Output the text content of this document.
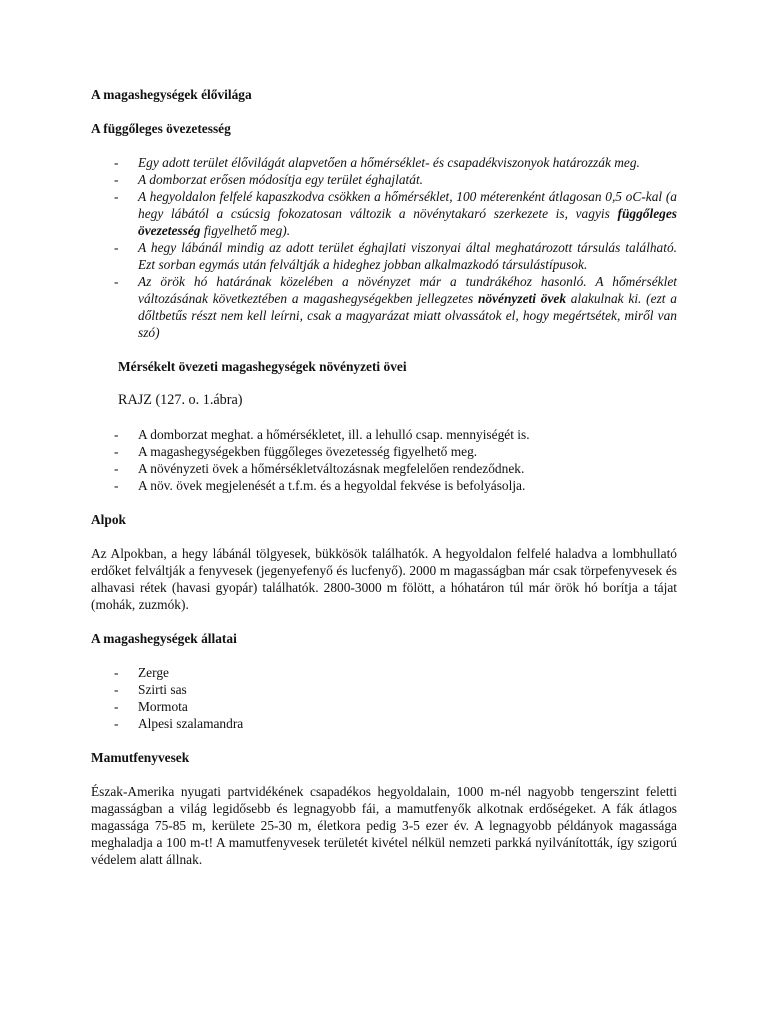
A magashegységek élővilága

A függőleges övezetesség

- Egy adott terület élővilágát alapvetően a hőmérséklet- és csapadékviszonyok határozzák meg.
- A domborzat erősen módosítja egy terület éghajlatát.
- A hegyoldalon felfelé kapaszkodva csökken a hőmérséklet, 100 méterenként átlagosan 0,5 oC-kal (a hegy lábától a csúcsig fokozatosan változik a növénytakaró szerkezete is, vagyis függőleges övezetesség figyelhető meg).
- A hegy lábánál mindig az adott terület éghajlati viszonyai által meghatározott társulás található. Ezt sorban egymás után felváltják a hideghez jobban alkalmazkodó társulástípusok.
- Az örök hó határának közelében a növényzet már a tundrákéhoz hasonló. A hőmérséklet változásának következtében a magashegységekben jellegzetes növényzeti övek alakulnak ki. (ezt a dőltbetűs részt nem kell leírni, csak a magyarázat miatt olvassátok el, hogy megértsétek, miről van szó)

Mérsékelt övezeti magashegységek növényzeti övei

RAJZ (127. o. 1.ábra)

- A domborzat meghat. a hőmérsékletet, ill. a lehulló csap. mennyiségét is.
- A magashegységekben függőleges övezetesség figyelhető meg.
- A növényzeti övek a hőmérsékletváltozásnak megfelelően rendeződnek.
- A növ. övek megjelenését a t.f.m. és a hegyoldal fekvése is befolyásolja.

Alpok

Az Alpokban, a hegy lábánál tölgyesek, bükkösök találhatók. A hegyoldalon felfelé haladva a lombhullató erdőket felváltják a fenyvesek (jegenyefenyő és lucfenyő). 2000 m magasságban már csak törpefenyvesek és alhavasi rétek (havasi gyopár) találhatók. 2800-3000 m fölött, a hóhatáron túl már örök hó borítja a tájat (mohák, zuzmók).

A magashegységek állatai

- Zerge
- Szirti sas
- Mormota
- Alpesi szalamandra

Mamutfenyvesek

Észak-Amerika nyugati partvidékének csapadékos hegyoldalain, 1000 m-nél nagyobb tengerszint feletti magasságban a világ legidősebb és legnagyobb fái, a mamutfenyők alkotnak erdőségeket. A fák átlagos magassága 75-85 m, kerülete 25-30 m, életkora pedig 3-5 ezer év. A legnagyobb példányok magassága meghaladja a 100 m-t! A mamutfenyvesek területét kivétel nélkül nemzeti parkká nyilvánították, így szigorú védelem alatt állnak.
